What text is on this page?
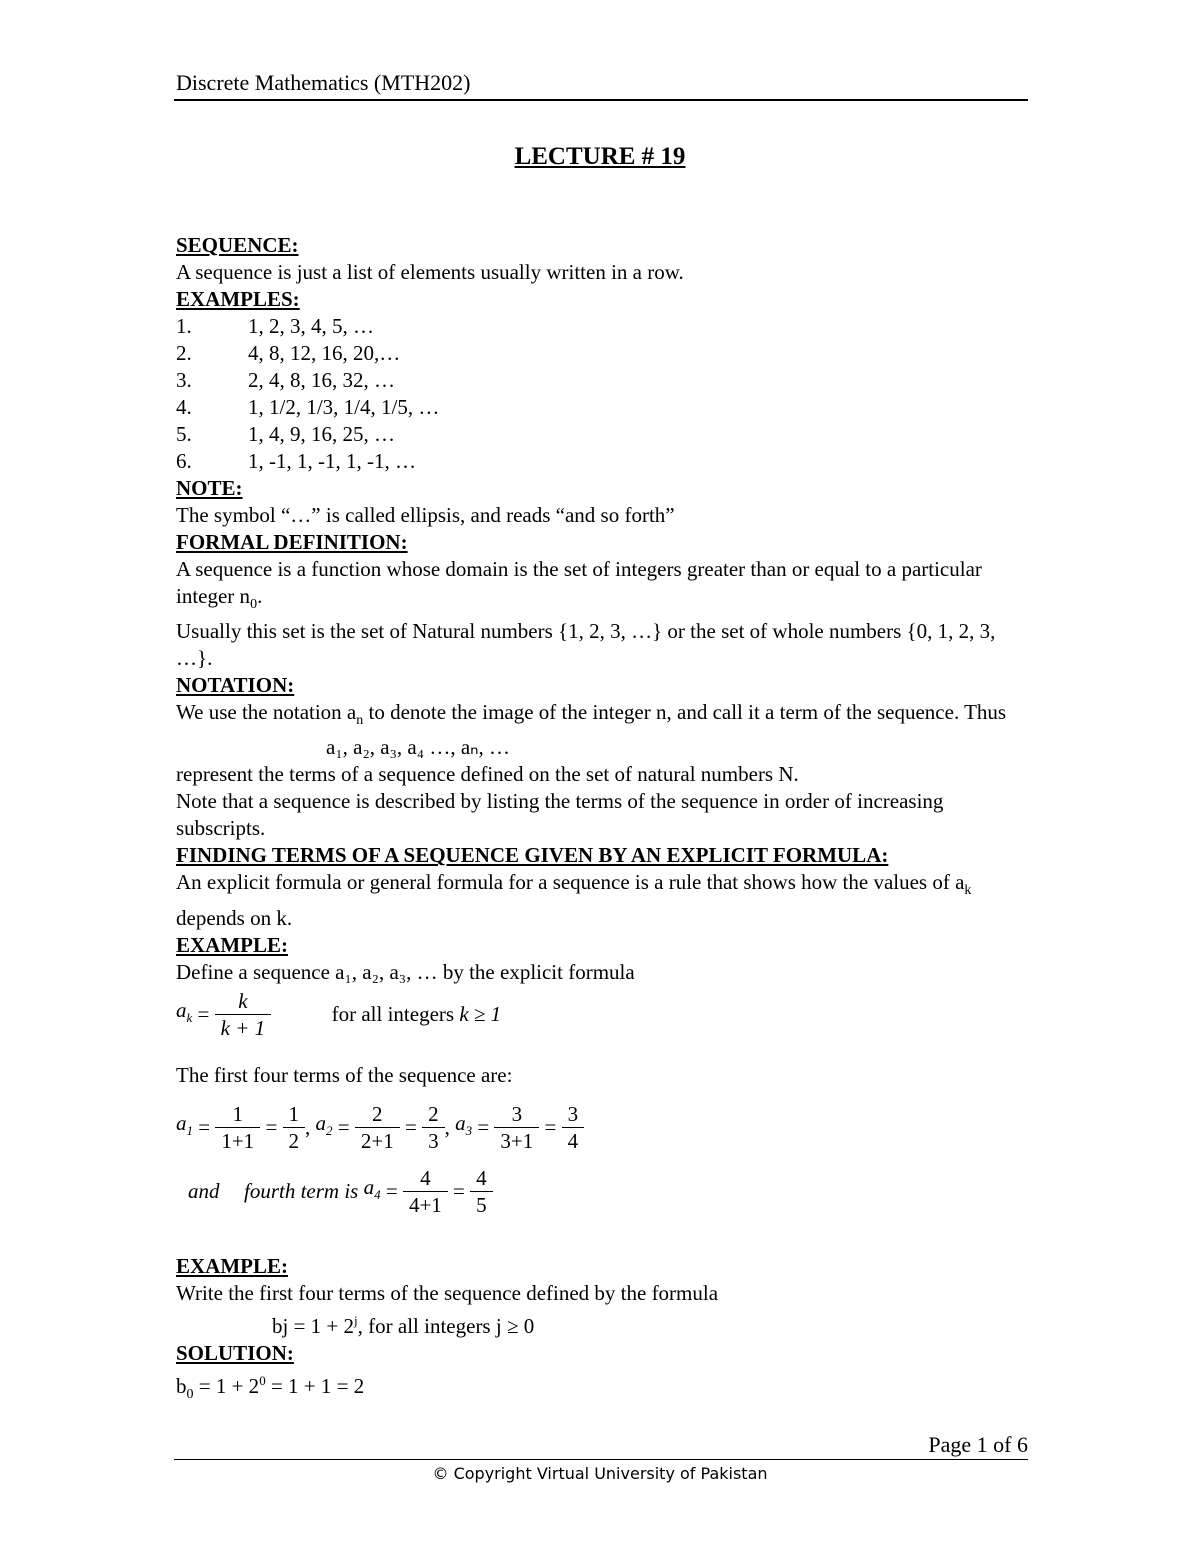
Discrete Mathematics (MTH202)
LECTURE # 19
SEQUENCE:
A sequence is just a list of elements usually written in a row.
EXAMPLES:
1.	1, 2, 3, 4, 5, …
2.	4, 8, 12, 16, 20,…
3.	2, 4, 8, 16, 32, …
4.	1, 1/2, 1/3, 1/4, 1/5, …
5.	1, 4, 9, 16, 25, …
6.	1, -1, 1, -1, 1, -1, …
NOTE:
The symbol “…” is called ellipsis, and reads “and so forth”
FORMAL DEFINITION:
A sequence is a function whose domain is the set of integers greater than or equal to a particular integer $n_0$.
Usually this set is the set of Natural numbers {1, 2, 3, …} or the set of whole numbers {0, 1, 2, 3, …}.
NOTATION:
We use the notation $a_n$ to denote the image of the integer n, and call it a term of the sequence. Thus
a₁, a₂, a₃, a₄ …, aₙ, …
represent the terms of a sequence defined on the set of natural numbers N.
Note that a sequence is described by listing the terms of the sequence in order of increasing subscripts.
FINDING TERMS OF A SEQUENCE GIVEN BY AN EXPLICIT FORMULA:
An explicit formula or general formula for a sequence is a rule that shows how the values of $a_k$ depends on k.
EXAMPLE:
Define a sequence a₁, a₂, a₃, … by the explicit formula
$a_k = \frac{k}{k + 1}$	for all integers k ≥ 1
The first four terms of the sequence are:
$a_1 = \frac{1}{1+1} = \frac{1}{2}$ , $a_2 = \frac{2}{2+1} = \frac{2}{3}$ , $a_3 = \frac{3}{3+1} = \frac{3}{4}$
and fourth term is $a_4 = \frac{4}{4+1} = \frac{4}{5}$
EXAMPLE:
Write the first four terms of the sequence defined by the formula
bj = $1 + 2^j$, for all integers j ≥ 0
SOLUTION:
$b_0 = 1 + 2^0 = 1 + 1 = 2$
Page 1 of 6
© Copyright Virtual University of Pakistan
